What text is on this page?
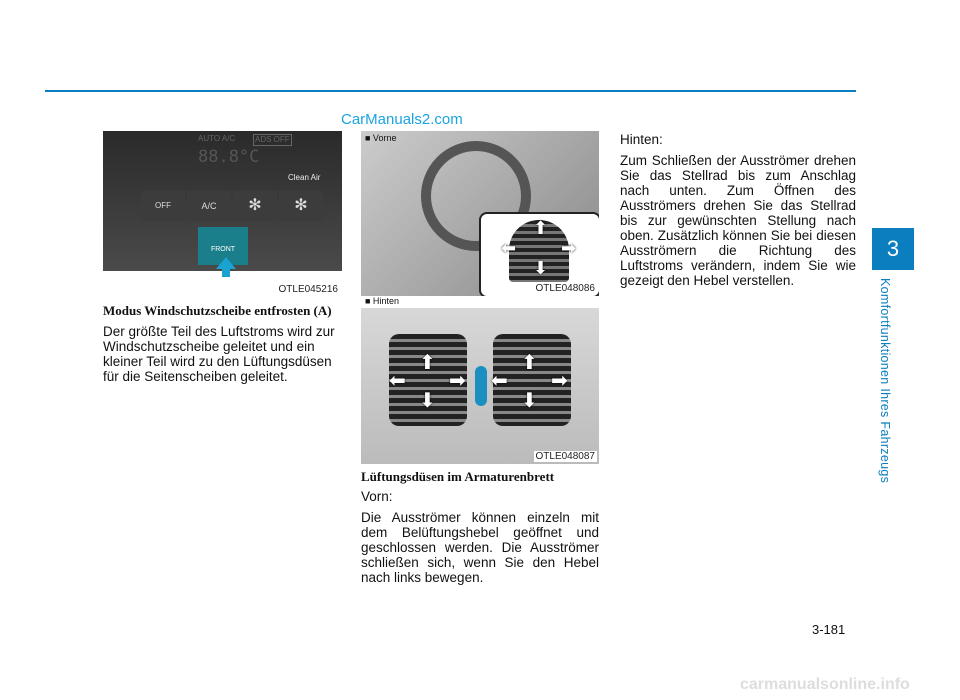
AUTO A/C ADS OFF
88.8°C
Clean Air
OFF	A/C	✻	✻
FRONT
OTLE045216
CarManuals2.com
Modus Windschutzscheibe entfrosten (A)

Der größte Teil des Luftstroms wird zur Windschutzscheibe geleitet und ein kleiner Teil wird zu den Lüftungsdüsen für die Seitenscheiben geleitet.

■ Vorne
⬆
⬇
⬅ ➡
OTLE048086
■ Hinten
⬆
⬇
⬅ ➡
⬆
⬇
⬅ ➡
OTLE048087
Lüftungsdüsen im Armaturenbrett

Vorn:

Die Ausströmer können einzeln mit dem Belüftungshebel geöffnet und geschlossen werden. Die Ausströmer schließen sich, wenn Sie den Hebel nach links bewegen.

Hinten:

Zum Schließen der Ausströmer drehen Sie das Stellrad bis zum Anschlag nach unten. Zum Öffnen des Ausströmers drehen Sie das Stellrad bis zur gewünschten Stellung nach oben. Zusätzlich können Sie bei diesen Ausströmern die Richtung des Luftstroms verändern, indem Sie wie gezeigt den Hebel verstellen.

3
Komfortfunktionen Ihres Fahrzeugs
3-181
carmanualsonline.info
